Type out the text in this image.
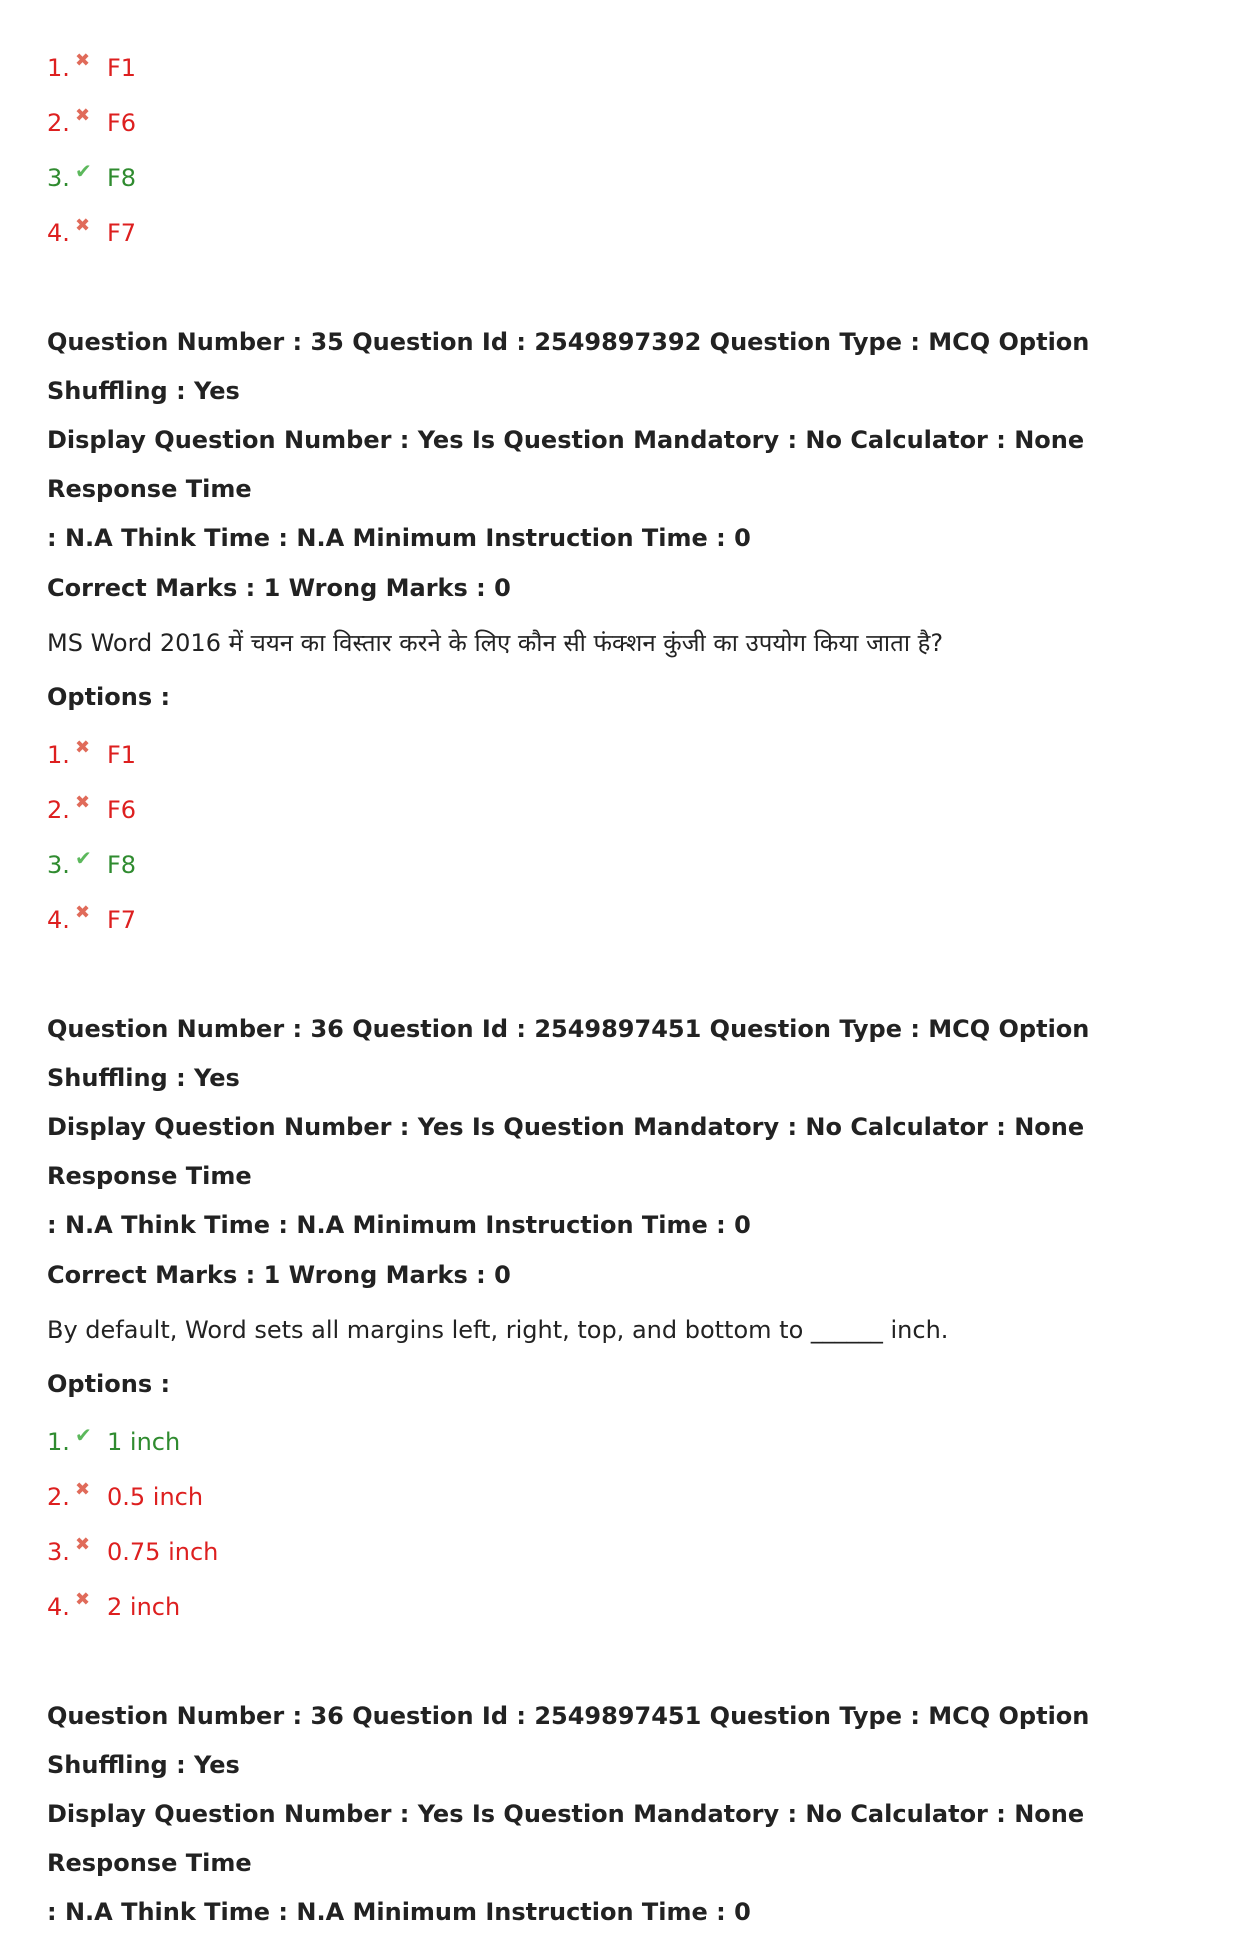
1. ✖ F1
2. ✖ F6
3. ✔ F8
4. ✖ F7
Question Number : 35 Question Id : 2549897392 Question Type : MCQ Option Shuffling : Yes
Display Question Number : Yes Is Question Mandatory : No Calculator : None Response Time
: N.A Think Time : N.A Minimum Instruction Time : 0
Correct Marks : 1 Wrong Marks : 0
MS Word 2016 में चयन का विस्तार करने के लिए कौन सी फंक्शन कुंजी का उपयोग किया जाता है?
Options :
1. ✖ F1
2. ✖ F6
3. ✔ F8
4. ✖ F7
Question Number : 36 Question Id : 2549897451 Question Type : MCQ Option Shuffling : Yes
Display Question Number : Yes Is Question Mandatory : No Calculator : None Response Time
: N.A Think Time : N.A Minimum Instruction Time : 0
Correct Marks : 1 Wrong Marks : 0
By default, Word sets all margins left, right, top, and bottom to ______ inch.
Options :
1. ✔ 1 inch
2. ✖ 0.5 inch
3. ✖ 0.75 inch
4. ✖ 2 inch
Question Number : 36 Question Id : 2549897451 Question Type : MCQ Option Shuffling : Yes
Display Question Number : Yes Is Question Mandatory : No Calculator : None Response Time
: N.A Think Time : N.A Minimum Instruction Time : 0
